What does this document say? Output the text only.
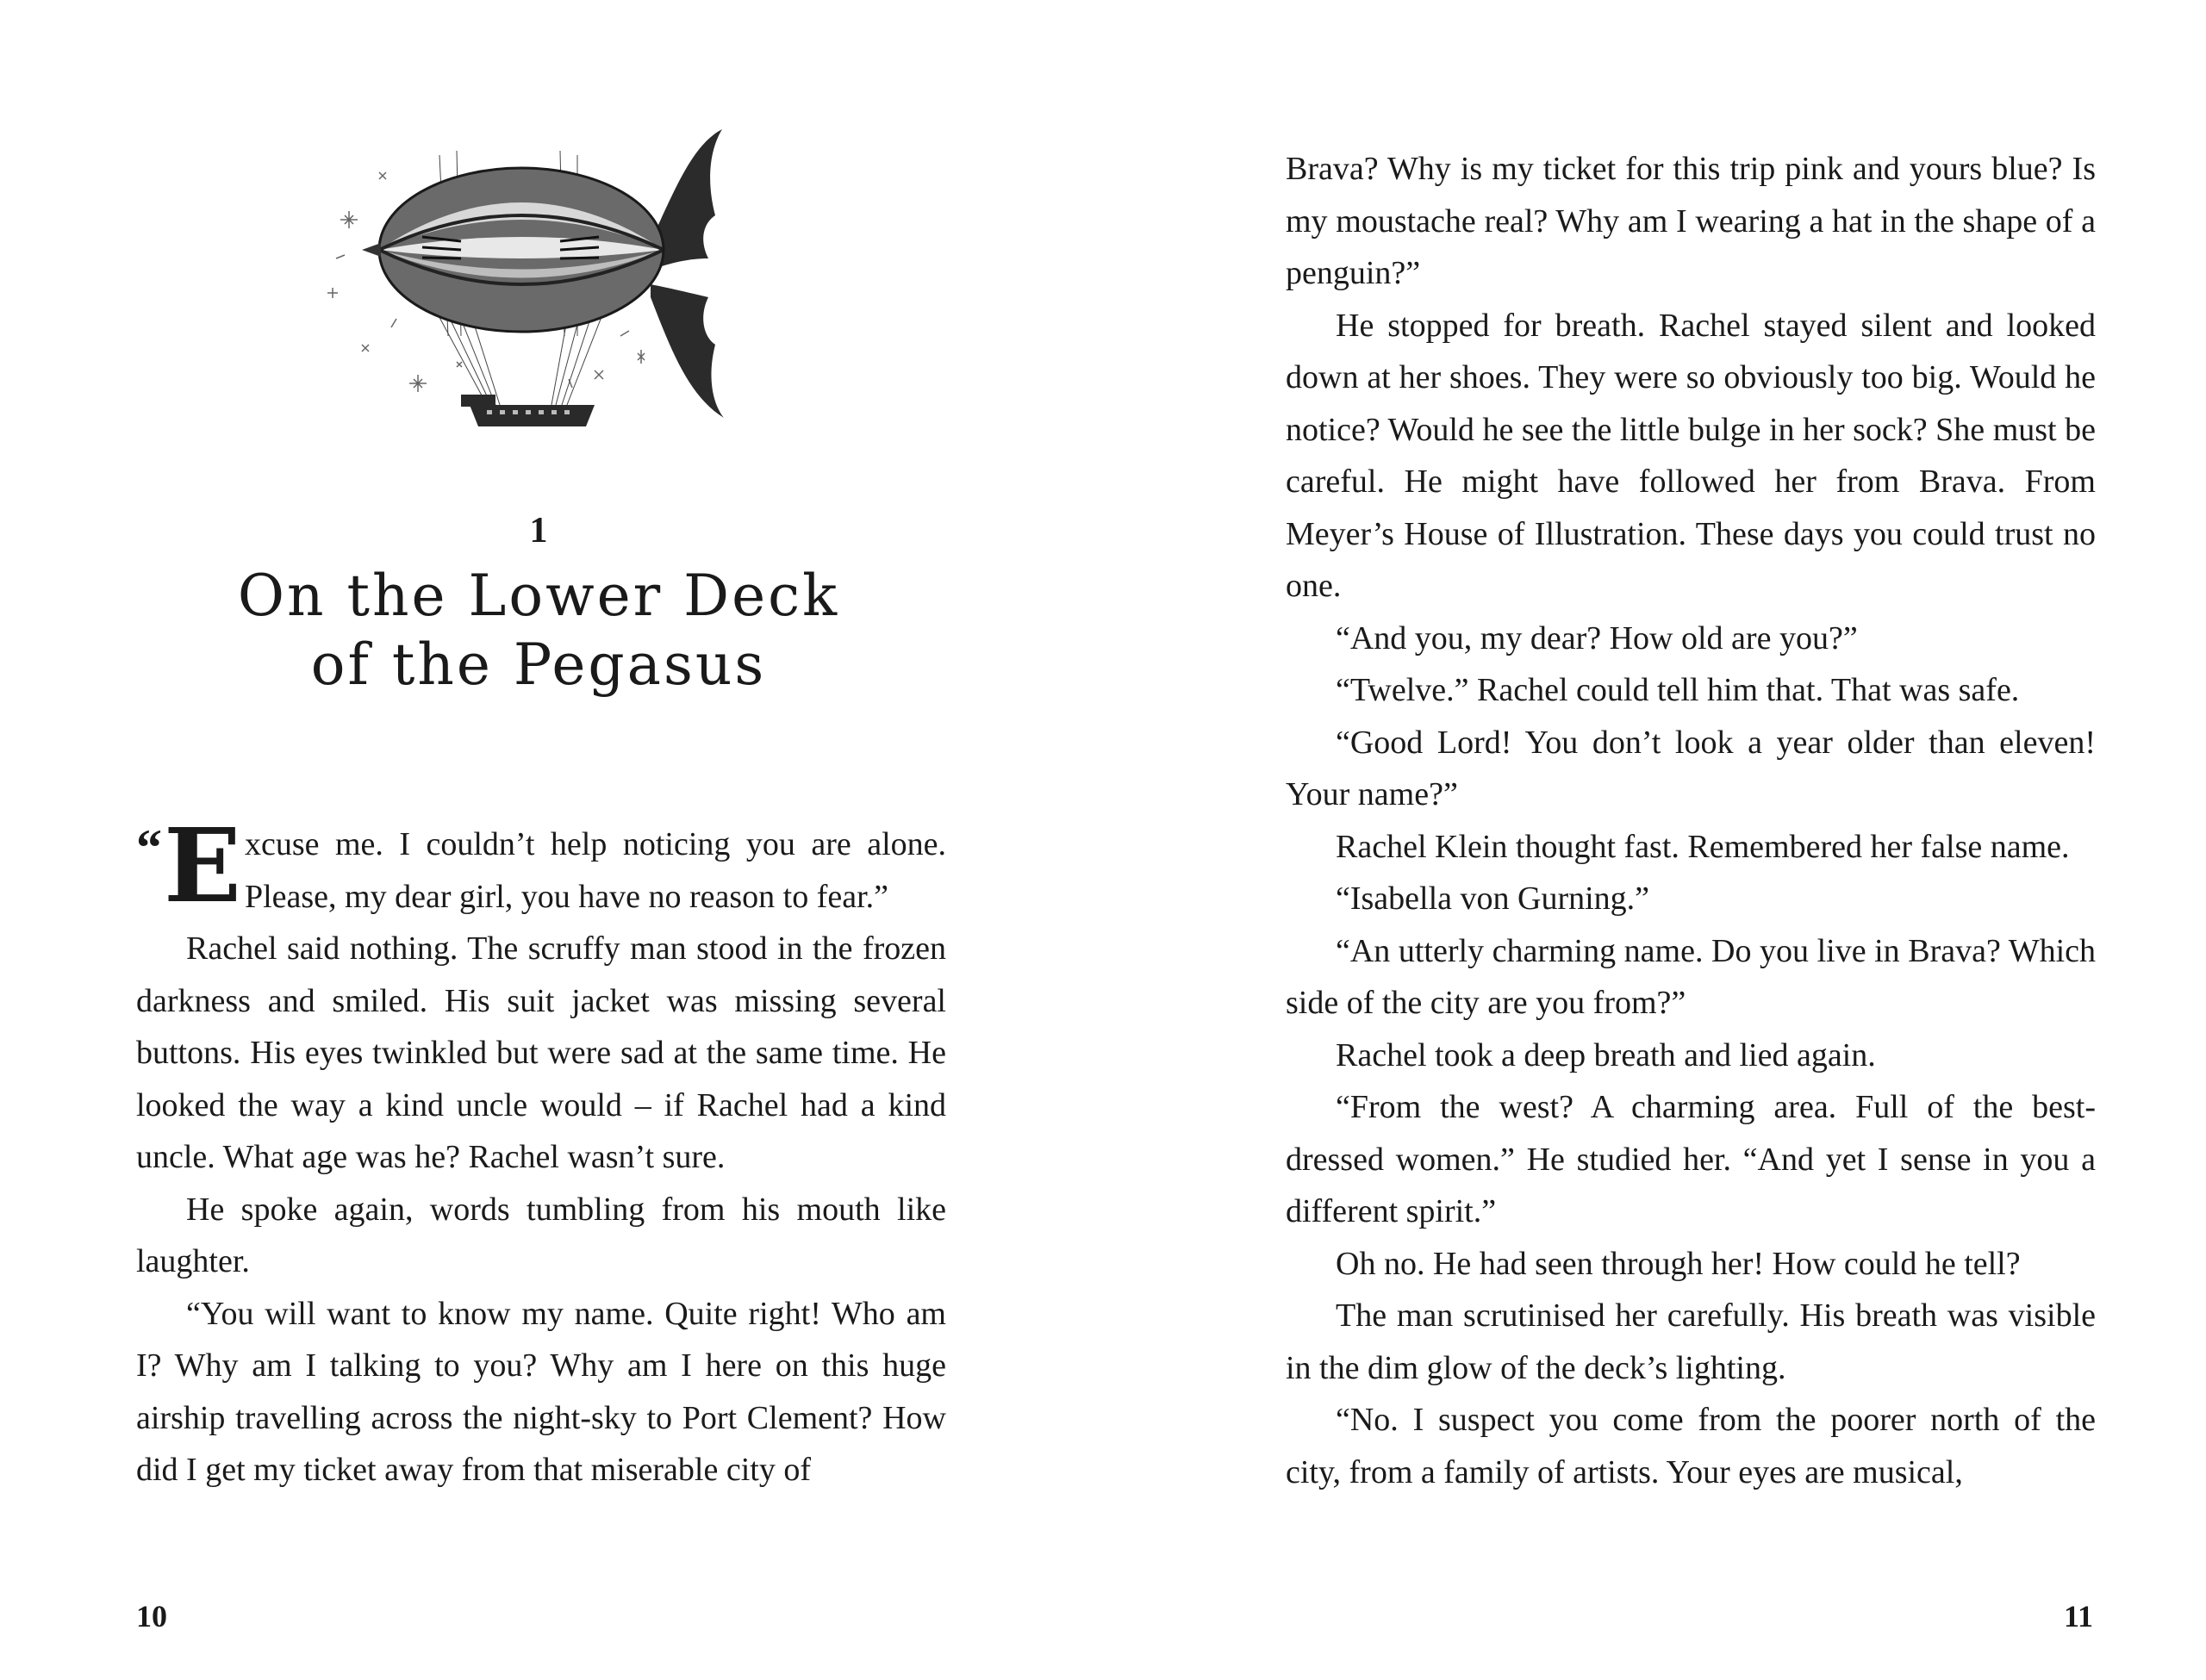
1
On the Lower Deck
of the Pegasus

“ E xcuse me. I couldn’t help noticing you are alone. Please, my dear girl, you have no reason to fear.”

Rachel said nothing. The scruffy man stood in the frozen darkness and smiled. His suit jacket was missing several buttons. His eyes twinkled but were sad at the same time. He looked the way a kind uncle would – if Rachel had a kind uncle. What age was he? Rachel wasn’t sure.

He spoke again, words tumbling from his mouth like laughter.

“You will want to know my name. Quite right! Who am I? Why am I talking to you? Why am I here on this huge airship travelling across the night-sky to Port Clement? How did I get my ticket away from that miserable city of

10

Brava? Why is my ticket for this trip pink and yours blue? Is my moustache real? Why am I wearing a hat in the shape of a penguin?”

He stopped for breath. Rachel stayed silent and looked down at her shoes. They were so obviously too big. Would he notice? Would he see the little bulge in her sock? She must be careful. He might have followed her from Brava. From Meyer’s House of Illustration. These days you could trust no one.

“And you, my dear? How old are you?”

“Twelve.” Rachel could tell him that. That was safe.

“Good Lord! You don’t look a year older than eleven! Your name?”

Rachel Klein thought fast. Remembered her false name.

“Isabella von Gurning.”

“An utterly charming name. Do you live in Brava? Which side of the city are you from?”

Rachel took a deep breath and lied again.

“From the west? A charming area. Full of the best-dressed women.” He studied her. “And yet I sense in you a different spirit.”

Oh no. He had seen through her! How could he tell?

The man scrutinised her carefully. His breath was visible in the dim glow of the deck’s lighting.

“No. I suspect you come from the poorer north of the city, from a family of artists. Your eyes are musical,

11
